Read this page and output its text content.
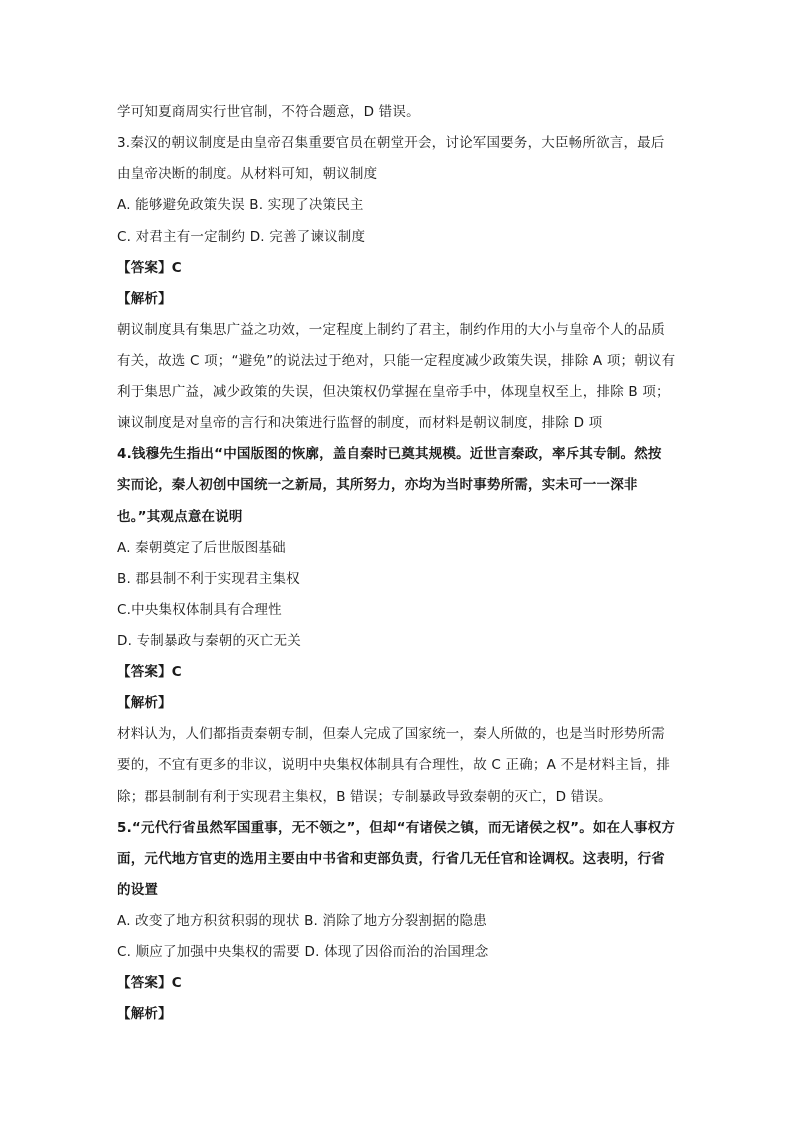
学可知夏商周实行世官制，不符合题意，D 错误。
3.秦汉的朝议制度是由皇帝召集重要官员在朝堂开会，讨论军国要务，大臣畅所欲言，最后
由皇帝决断的制度。从材料可知，朝议制度
A. 能够避免政策失误 B. 实现了决策民主
C. 对君主有一定制约 D. 完善了谏议制度
【答案】C
【解析】
朝议制度具有集思广益之功效，一定程度上制约了君主，制约作用的大小与皇帝个人的品质
有关，故选 C 项；“避免”的说法过于绝对，只能一定程度减少政策失误，排除 A 项；朝议有
利于集思广益，减少政策的失误，但决策权仍掌握在皇帝手中，体现皇权至上，排除 B 项；
谏议制度是对皇帝的言行和决策进行监督的制度，而材料是朝议制度，排除 D 项
4.钱穆先生指出“中国版图的恢廓，盖自秦时已奠其规模。近世言秦政，率斥其专制。然按
实而论，秦人初创中国统一之新局，其所努力，亦均为当时事势所需，实未可一一深非
也。”其观点意在说明
A. 秦朝奠定了后世版图基础
B. 郡县制不利于实现君主集权
C.中央集权体制具有合理性
D. 专制暴政与秦朝的灭亡无关
【答案】C
【解析】
材料认为，人们都指责秦朝专制，但秦人完成了国家统一，秦人所做的，也是当时形势所需
要的，不宜有更多的非议，说明中央集权体制具有合理性，故 C 正确；A 不是材料主旨，排
除；郡县制制有利于实现君主集权，B 错误；专制暴政导致秦朝的灭亡，D 错误。
5.“元代行省虽然军国重事，无不领之”，但却“有诸侯之镇，而无诸侯之权”。如在人事权方
面，元代地方官吏的选用主要由中书省和吏部负责，行省几无任官和诠调权。这表明，行省
的设置
A. 改变了地方积贫积弱的现状 B. 消除了地方分裂割据的隐患
C. 顺应了加强中央集权的需要 D. 体现了因俗而治的治国理念
【答案】C
【解析】
